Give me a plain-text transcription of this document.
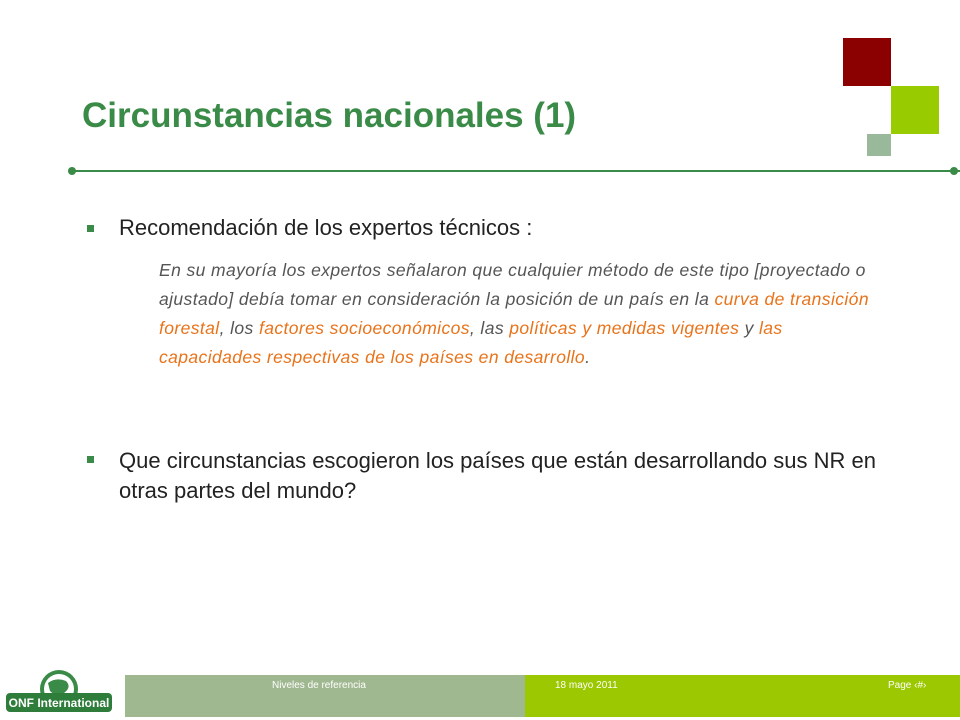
Circunstancias nacionales (1)
Recomendación de los expertos técnicos :
En su mayoría los expertos señalaron que cualquier método de este tipo [proyectado o ajustado] debía tomar en consideración la posición de un país en la curva de transición forestal, los factores socioeconómicos, las políticas y medidas vigentes y las capacidades respectivas de los países en desarrollo.
Que circunstancias escogieron los países que están desarrollando sus NR en otras partes del mundo?
ONF International
Niveles de referencia	18 mayo 2011	Page ‹#›
